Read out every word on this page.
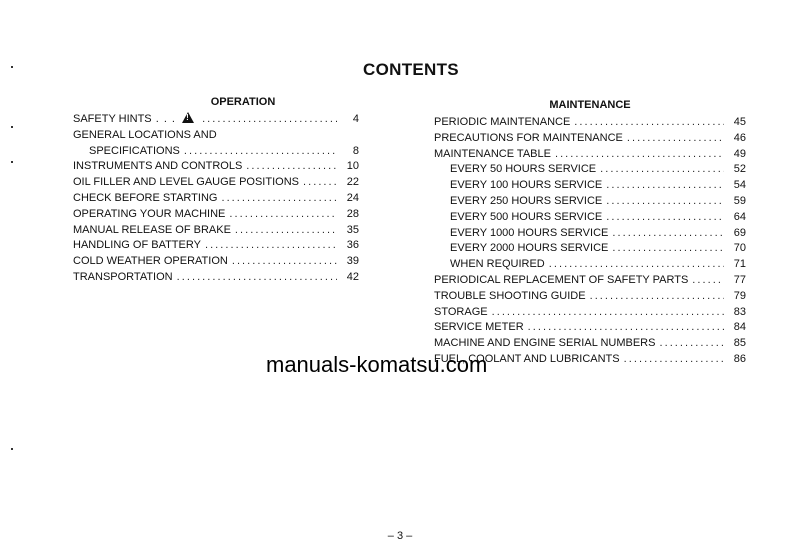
CONTENTS
OPERATION
SAFETY HINTS . . . ! . . .	4
GENERAL LOCATIONS AND
SPECIFICATIONS . . .	8
INSTRUMENTS AND CONTROLS . . .	10
OIL FILLER AND LEVEL GAUGE POSITIONS . . .	22
CHECK BEFORE STARTING . . .	24
OPERATING YOUR MACHINE . . .	28
MANUAL RELEASE OF BRAKE . . .	35
HANDLING OF BATTERY . . .	36
COLD WEATHER OPERATION . . .	39
TRANSPORTATION . . .	42
MAINTENANCE
PERIODIC MAINTENANCE . . .	45
PRECAUTIONS FOR MAINTENANCE . . .	46
MAINTENANCE TABLE . . .	49
EVERY 50 HOURS SERVICE . . .	52
EVERY 100 HOURS SERVICE . . .	54
EVERY 250 HOURS SERVICE . . .	59
EVERY 500 HOURS SERVICE . . .	64
EVERY 1000 HOURS SERVICE . . .	69
EVERY 2000 HOURS SERVICE . . .	70
WHEN REQUIRED . . .	71
PERIODICAL REPLACEMENT OF SAFETY PARTS . . .	77
TROUBLE SHOOTING GUIDE . . .	79
STORAGE . . .	83
SERVICE METER . . .	84
MACHINE AND ENGINE SERIAL NUMBERS . . .	85
FUEL, COOLANT AND LUBRICANTS . . .	86
manuals-komatsu.com
– 3 –
